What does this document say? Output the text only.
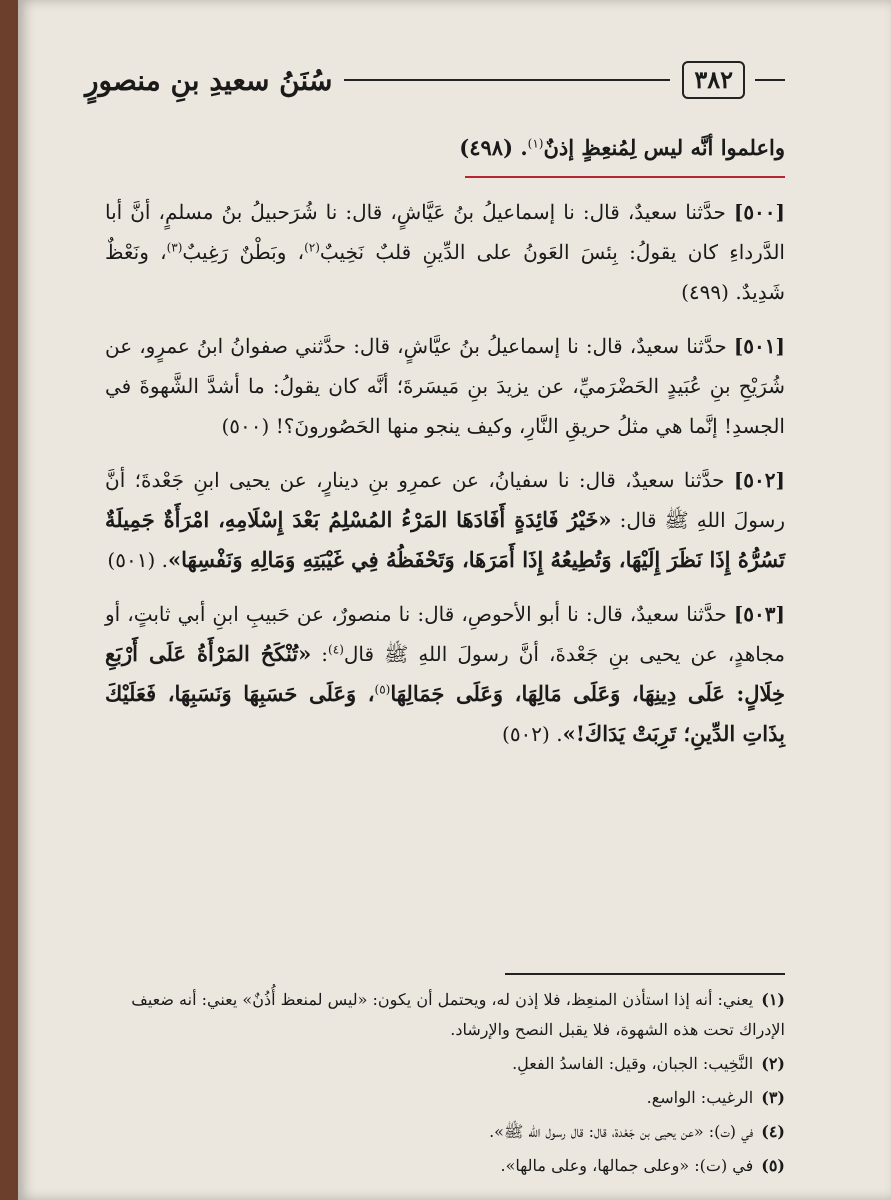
سُنَنُ سعيدِ بنِ منصورٍ	٣٨٢
واعلموا أنَّه ليس لِمُنعِظٍ إذنٌ$^{(١)}$. (٤٩٨)

[٥٠٠] حدَّثنا سعيدٌ، قال: نا إسماعيلُ بنُ عَيَّاشٍ، قال: نا شُرَحبيلُ بنُ مسلمٍ، أنَّ أبا الدَّرداءِ كان يقولُ: بِئسَ العَونُ على الدِّينِ قلبٌ نَخِيبٌ$^{(٢)}$، وبَطْنٌ رَغِيبٌ$^{(٣)}$، ونَعْظٌ شَدِيدٌ. (٤٩٩)

[٥٠١] حدَّثنا سعيدٌ، قال: نا إسماعيلُ بنُ عيَّاشٍ، قال: حدَّثني صفوانُ ابنُ عمرٍو، عن شُرَيْحِ بنِ عُبَيدٍ الحَضْرَميِّ، عن يزيدَ بنِ مَيسَرةَ؛ أنَّه كان يقولُ: ما أشدَّ الشَّهوةَ في الجسدِ! إنَّما هي مثلُ حريقِ النَّارِ، وكيف ينجو منها الحَصُورونَ؟! (٥٠٠)

[٥٠٢] حدَّثنا سعيدٌ، قال: نا سفيانُ، عن عمرِو بنِ دينارٍ، عن يحيى ابنِ جَعْدةَ؛ أنَّ رسولَ اللهِ ﷺ قال: «خَيْرُ فَائِدَةٍ أَفَادَهَا المَرْءُ المُسْلِمُ بَعْدَ إِسْلَامِهِ، امْرَأَةٌ جَمِيلَةٌ تَسُرُّهُ إِذَا نَظَرَ إِلَيْهَا، وَتُطِيعُهُ إِذَا أَمَرَهَا، وَتَحْفَظُهُ فِي غَيْبَتِهِ وَمَالِهِ وَنَفْسِهَا». (٥٠١)

[٥٠٣] حدَّثنا سعيدٌ، قال: نا أبو الأحوصِ، قال: نا منصورٌ، عن حَبيبِ ابنِ أبي ثابتٍ، أو مجاهدٍ، عن يحيى بنِ جَعْدةَ، أنَّ رسولَ اللهِ ﷺ قال$^{(٤)}$: «تُنْكَحُ المَرْأَةُ عَلَى أَرْبَعِ خِلَالٍ: عَلَى دِينِهَا، وَعَلَى مَالِهَا، وَعَلَى جَمَالِهَا$^{(٥)}$، وَعَلَى حَسَبِهَا وَنَسَبِهَا، فَعَلَيْكَ بِذَاتِ الدِّينِ؛ تَرِبَتْ يَدَاكَ!». (٥٠٢)

(١)يعني: أنه إذا استأذن المنعِظ، فلا إذن له، ويحتمل أن يكون: «ليس لمنعظ أُذُنٌ» يعني: أنه ضعيف الإدراك تحت هذه الشهوة، فلا يقبل النصح والإرشاد.

(٢)النَّخِيب: الجبان، وقيل: الفاسدُ الفعلِ.

(٣)الرغيب: الواسع.

(٤)في (ت): «عن يحيى بن جَعْدة، قال: قال رسول الله ﷺ».

(٥)في (ت): «وعلى جمالها، وعلى مالها».
